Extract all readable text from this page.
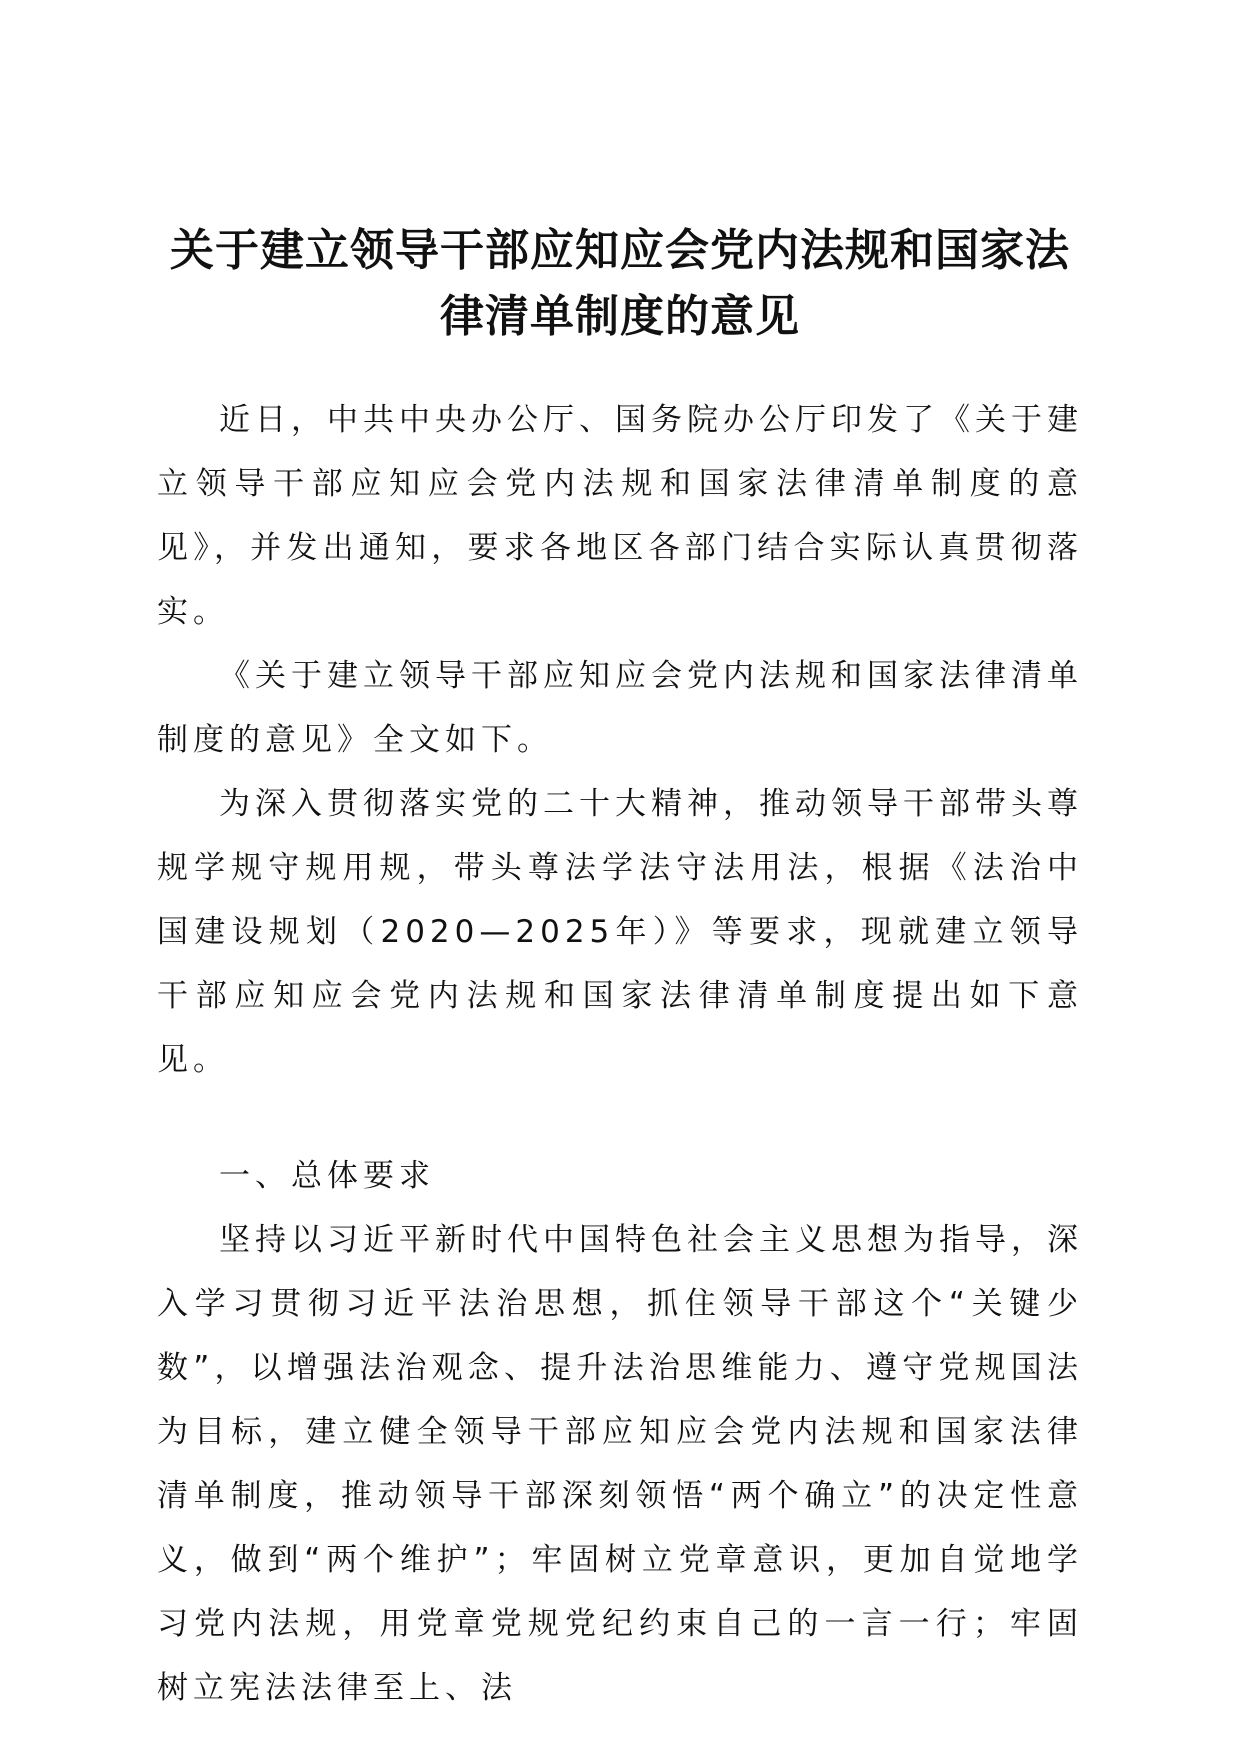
关于建立领导干部应知应会党内法规和国家法
律清单制度的意见

近日，中共中央办公厅、国务院办公厅印发了《关于建立领导干部应知应会党内法规和国家法律清单制度的意见》，并发出通知，要求各地区各部门结合实际认真贯彻落实。

《关于建立领导干部应知应会党内法规和国家法律清单制度的意见》全文如下。

为深入贯彻落实党的二十大精神，推动领导干部带头尊规学规守规用规，带头尊法学法守法用法，根据《法治中国建设规划（2020—2025年）》等要求，现就建立领导干部应知应会党内法规和国家法律清单制度提出如下意见。

一、总体要求

坚持以习近平新时代中国特色社会主义思想为指导，深入学习贯彻习近平法治思想，抓住领导干部这个“关键少数”，以增强法治观念、提升法治思维能力、遵守党规国法为目标，建立健全领导干部应知应会党内法规和国家法律清单制度，推动领导干部深刻领悟“两个确立”的决定性意义，做到“两个维护”；牢固树立党章意识，更加自觉地学习党内法规，用党章党规党纪约束自己的一言一行；牢固树立宪法法律至上、法
